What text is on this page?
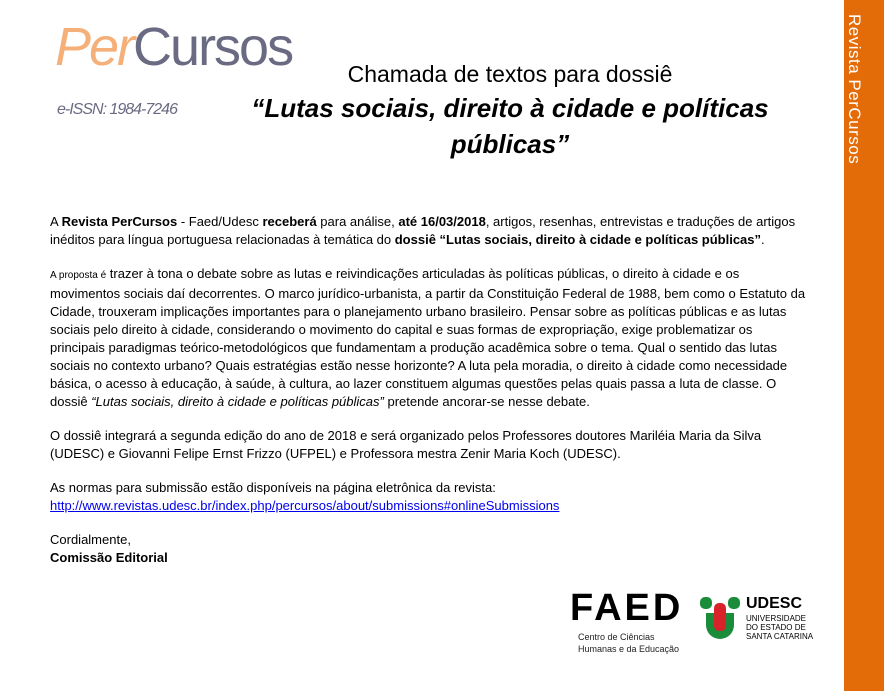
Revista PerCursos
PerCursos
e-ISSN: 1984-7246
Chamada de textos para dossiê
“Lutas sociais, direito à cidade e políticas públicas”

A Revista PerCursos - Faed/Udesc receberá para análise, até 16/03/2018, artigos, resenhas, entrevistas e traduções de artigos inéditos para língua portuguesa relacionadas à temática do dossiê “Lutas sociais, direito à cidade e políticas públicas”.

A proposta é trazer à tona o debate sobre as lutas e reivindicações articuladas às políticas públicas, o direito à cidade e os movimentos sociais daí decorrentes. O marco jurídico-urbanista, a partir da Constituição Federal de 1988, bem como o Estatuto da Cidade, trouxeram implicações importantes para o planejamento urbano brasileiro. Pensar sobre as políticas públicas e as lutas sociais pelo direito à cidade, considerando o movimento do capital e suas formas de expropriação, exige problematizar os principais paradigmas teórico-metodológicos que fundamentam a produção acadêmica sobre o tema. Qual o sentido das lutas sociais no contexto urbano? Quais estratégias estão nesse horizonte? A luta pela moradia, o direito à cidade como necessidade básica, o acesso à educação, à saúde, à cultura, ao lazer constituem algumas questões pelas quais passa a luta de classe. O dossiê “Lutas sociais, direito à cidade e políticas públicas” pretende ancorar-se nesse debate.

O dossiê integrará a segunda edição do ano de 2018 e será organizado pelos Professores doutores Mariléia Maria da Silva (UDESC) e Giovanni Felipe Ernst Frizzo (UFPEL) e Professora mestra Zenir Maria Koch (UDESC).

As normas para submissão estão disponíveis na página eletrônica da revista:
http://www.revistas.udesc.br/index.php/percursos/about/submissions#onlineSubmissions

Cordialmente,
Comissão Editorial

FAED
Centro de Ciências
Humanas e da Educação
UDESC
UNIVERSIDADE
DO ESTADO DE
SANTA CATARINA
